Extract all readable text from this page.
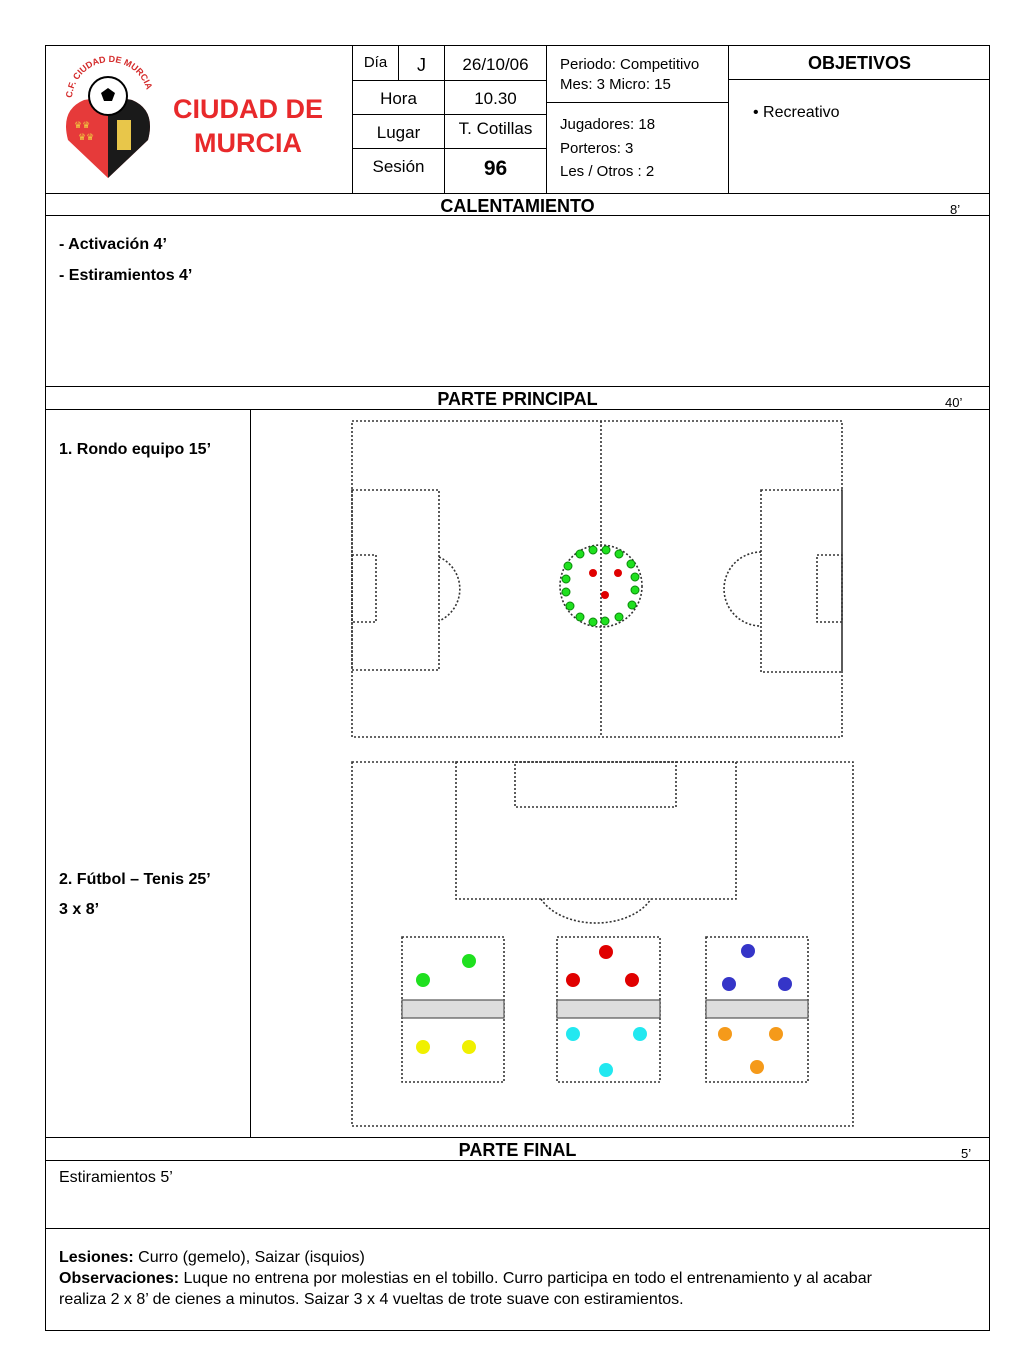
C.F. CIUDAD DE MURCIA
♛♛
♛♛
CIUDAD DE
MURCIA
Día	J	26/10/06
Hora	10.30
Lugar	T. Cotillas
Sesión	96
Periodo: Competitivo
Mes: 3 Micro: 15
Jugadores: 18
Porteros: 3
Les / Otros : 2
OBJETIVOS
• Recreativo
CALENTAMIENTO	8’
- Activación 4’
- Estiramientos 4’
PARTE PRINCIPAL	40’
1. Rondo equipo 15’
2. Fútbol – Tenis 25’
3 x 8’
PARTE FINAL	5’
Estiramientos 5’
Lesiones: Curro (gemelo), Saizar (isquios)
Observaciones: Luque no entrena por molestias en el tobillo. Curro participa en todo el entrenamiento y al acabar
realiza 2 x 8’ de cienes a minutos. Saizar 3 x 4 vueltas de trote suave con estiramientos.
